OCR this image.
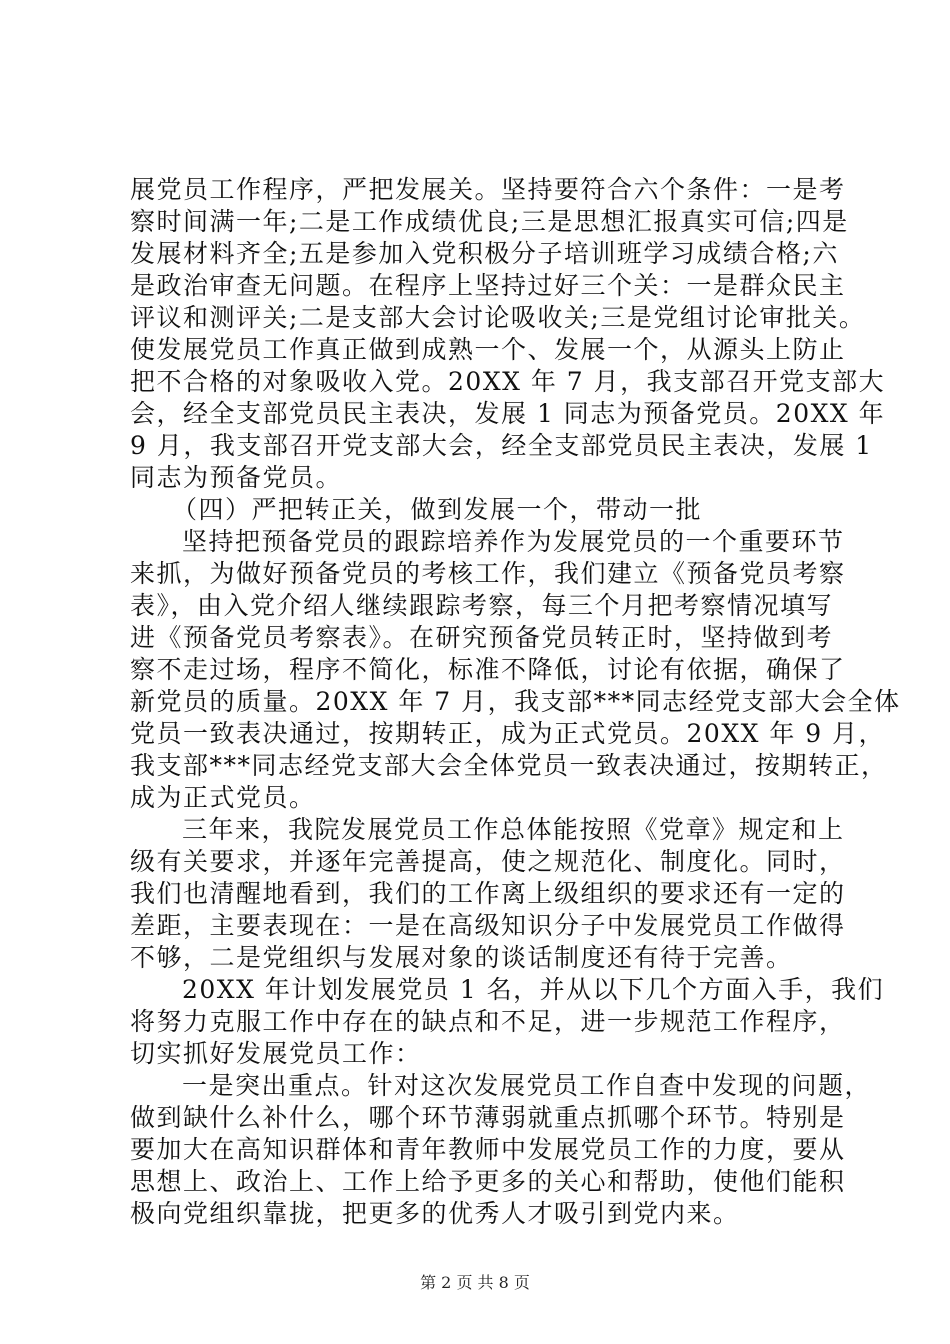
展党员工作程序，严把发展关。坚持要符合六个条件：一是考
察时间满一年;二是工作成绩优良;三是思想汇报真实可信;四是
发展材料齐全;五是参加入党积极分子培训班学习成绩合格;六
是政治审查无问题。在程序上坚持过好三个关：一是群众民主
评议和测评关;二是支部大会讨论吸收关;三是党组讨论审批关。
使发展党员工作真正做到成熟一个、发展一个，从源头上防止
把不合格的对象吸收入党。20XX 年 7 月，我支部召开党支部大
会，经全支部党员民主表决，发展 1 同志为预备党员。20XX 年
9 月，我支部召开党支部大会，经全支部党员民主表决，发展 1
同志为预备党员。
（四）严把转正关，做到发展一个，带动一批
坚持把预备党员的跟踪培养作为发展党员的一个重要环节
来抓，为做好预备党员的考核工作，我们建立《预备党员考察
表》，由入党介绍人继续跟踪考察，每三个月把考察情况填写
进《预备党员考察表》。在研究预备党员转正时，坚持做到考
察不走过场，程序不简化，标准不降低，讨论有依据，确保了
新党员的质量。20XX 年 7 月，我支部***同志经党支部大会全体
党员一致表决通过，按期转正，成为正式党员。20XX 年 9 月，
我支部***同志经党支部大会全体党员一致表决通过，按期转正，
成为正式党员。
三年来，我院发展党员工作总体能按照《党章》规定和上
级有关要求，并逐年完善提高，使之规范化、制度化。同时，
我们也清醒地看到，我们的工作离上级组织的要求还有一定的
差距，主要表现在：一是在高级知识分子中发展党员工作做得
不够，二是党组织与发展对象的谈话制度还有待于完善。
20XX 年计划发展党员 1 名，并从以下几个方面入手，我们
将努力克服工作中存在的缺点和不足，进一步规范工作程序，
切实抓好发展党员工作：
一是突出重点。针对这次发展党员工作自查中发现的问题，
做到缺什么补什么，哪个环节薄弱就重点抓哪个环节。特别是
要加大在高知识群体和青年教师中发展党员工作的力度，要从
思想上、政治上、工作上给予更多的关心和帮助，使他们能积
极向党组织靠拢，把更多的优秀人才吸引到党内来。
第 2 页 共 8 页
